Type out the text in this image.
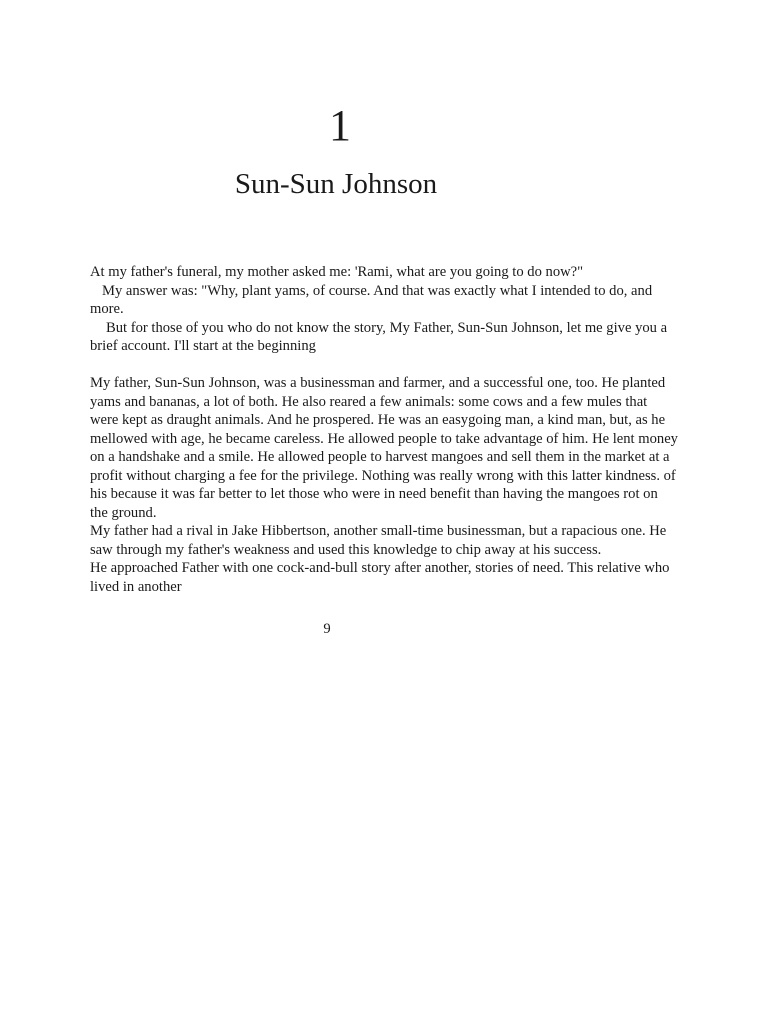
1
Sun-Sun Johnson

At my father's funeral, my mother asked me: 'Rami, what are you going to do now?"

My answer was: "Why, plant yams, of course. And that was exactly what I intended to do, and more.

But for those of you who do not know the story, My Father, Sun-Sun Johnson, let me give you a brief account. I'll start at the beginning

My father, Sun-Sun Johnson, was a businessman and farmer, and a successful one, too. He planted yams and bananas, a lot of both. He also reared a few animals: some cows and a few mules that were kept as draught animals. And he prospered. He was an easygoing man, a kind man, but, as he mellowed with age, he became careless. He allowed people to take advantage of him. He lent money on a handshake and a smile. He allowed people to harvest mangoes and sell them in the market at a profit without charging a fee for the privilege. Nothing was really wrong with this latter kindness. of his because it was far better to let those who were in need benefit than having the mangoes rot on the ground.

My father had a rival in Jake Hibbertson, another small-time businessman, but a rapacious one. He saw through my father's weakness and used this knowledge to chip away at his success.

He approached Father with one cock-and-bull story after another, stories of need. This relative who lived in another

9
